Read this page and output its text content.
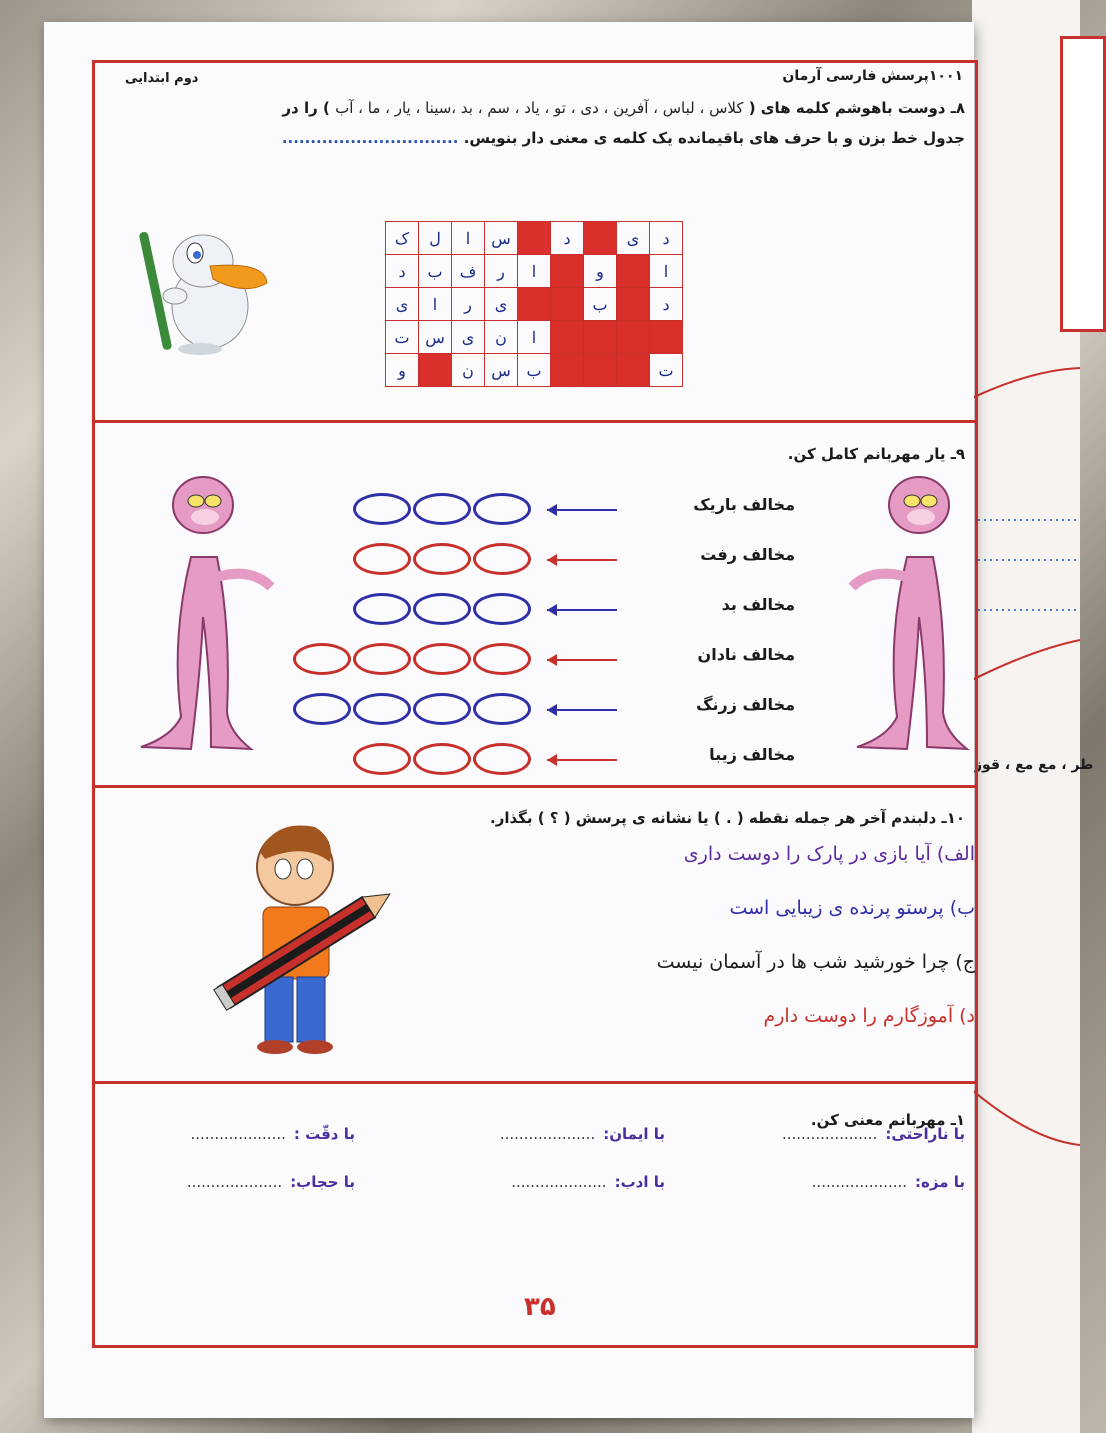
طر ، مع مع ، قوز
دوم ابتدایی	۱۰۰۱پرسش فارسی آرمان
۸ـ دوست باهوشم کلمه های ( کلاس ، لباس ، آفرین ، دی ، تو ، یاد ، سم ، بد ،سینا ، یار ، ما ، آب ) را در
جدول خط بزن و با حرف های باقیمانده یک کلمه ی معنی دار بنویس. ...............................
ک	ل	ا	س		د		ی	د
د	ب	ف	ر	ا		و		ا
ی	ا	ر	ی			ب		د
ت	س	ی	ن	ا				
و		ن	س	ب				ت
۹ـ یار مهربانم کامل کن.
مخالف باریک
مخالف رفت
مخالف بد
مخالف نادان
مخالف زرنگ
مخالف زیبا
۱۰ـ دلبندم آخر هر جمله نقطه ( . ) یا نشانه ی پرسش ( ؟ ) بگذار.
الف)آیا بازی در پارک را دوست داری
ب)پرستو پرنده ی زیبایی است
ج)چرا خورشید شب ها در آسمان نیست
د)آموزگارم را دوست دارم
۱ـ مهربانم معنی کن.
با ناراحتی:....................
با ایمان:....................
با دقّت :....................
با مزه:....................
با ادب:....................
با حجاب:....................
۳۵
